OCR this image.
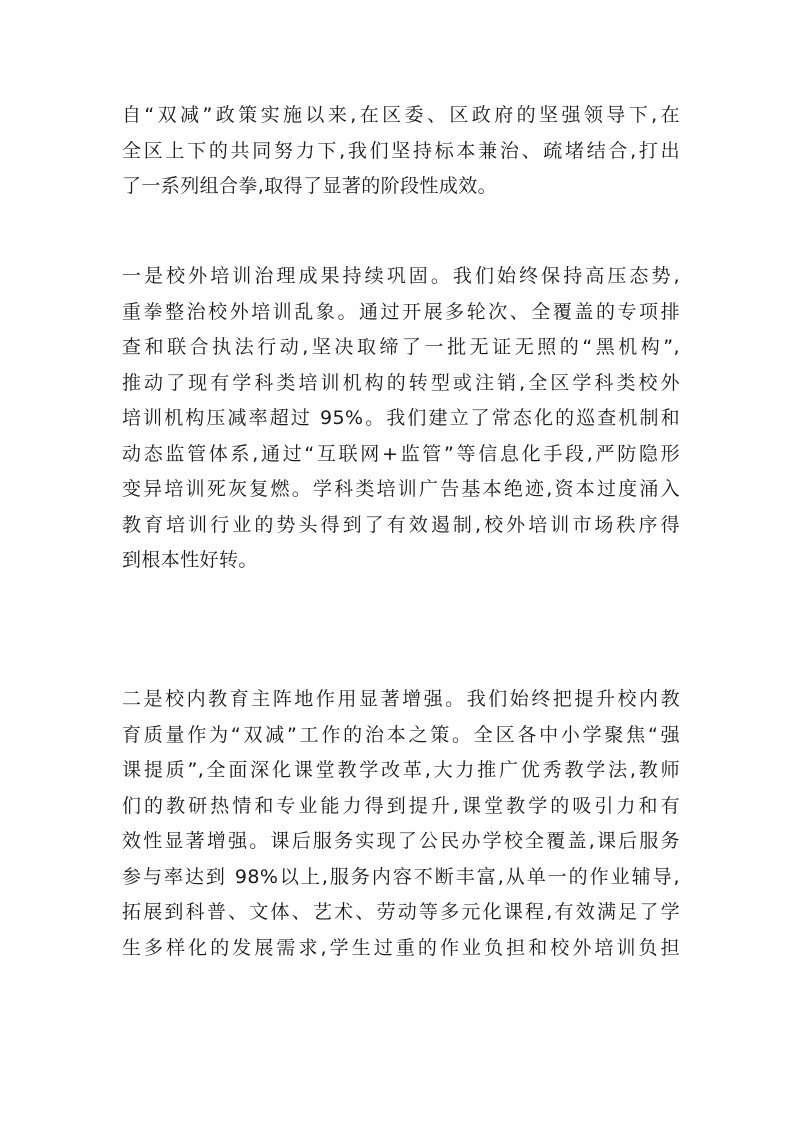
自“双减”政策实施以来,在区委、区政府的坚强领导下,在
全区上下的共同努力下,我们坚持标本兼治、疏堵结合,打出
了一系列组合拳,取得了显著的阶段性成效。
一是校外培训治理成果持续巩固。我们始终保持高压态势,
重拳整治校外培训乱象。通过开展多轮次、全覆盖的专项排
查和联合执法行动,坚决取缔了一批无证无照的“黑机构”,
推动了现有学科类培训机构的转型或注销,全区学科类校外
培训机构压减率超过 95%。我们建立了常态化的巡查机制和
动态监管体系,通过“互联网+监管”等信息化手段,严防隐形
变异培训死灰复燃。学科类培训广告基本绝迹,资本过度涌入
教育培训行业的势头得到了有效遏制,校外培训市场秩序得
到根本性好转。
二是校内教育主阵地作用显著增强。我们始终把提升校内教
育质量作为“双减”工作的治本之策。全区各中小学聚焦“强
课提质”,全面深化课堂教学改革,大力推广优秀教学法,教师
们的教研热情和专业能力得到提升,课堂教学的吸引力和有
效性显著增强。课后服务实现了公民办学校全覆盖,课后服务
参与率达到 98%以上,服务内容不断丰富,从单一的作业辅导,
拓展到科普、文体、艺术、劳动等多元化课程,有效满足了学
生多样化的发展需求,学生过重的作业负担和校外培训负担
